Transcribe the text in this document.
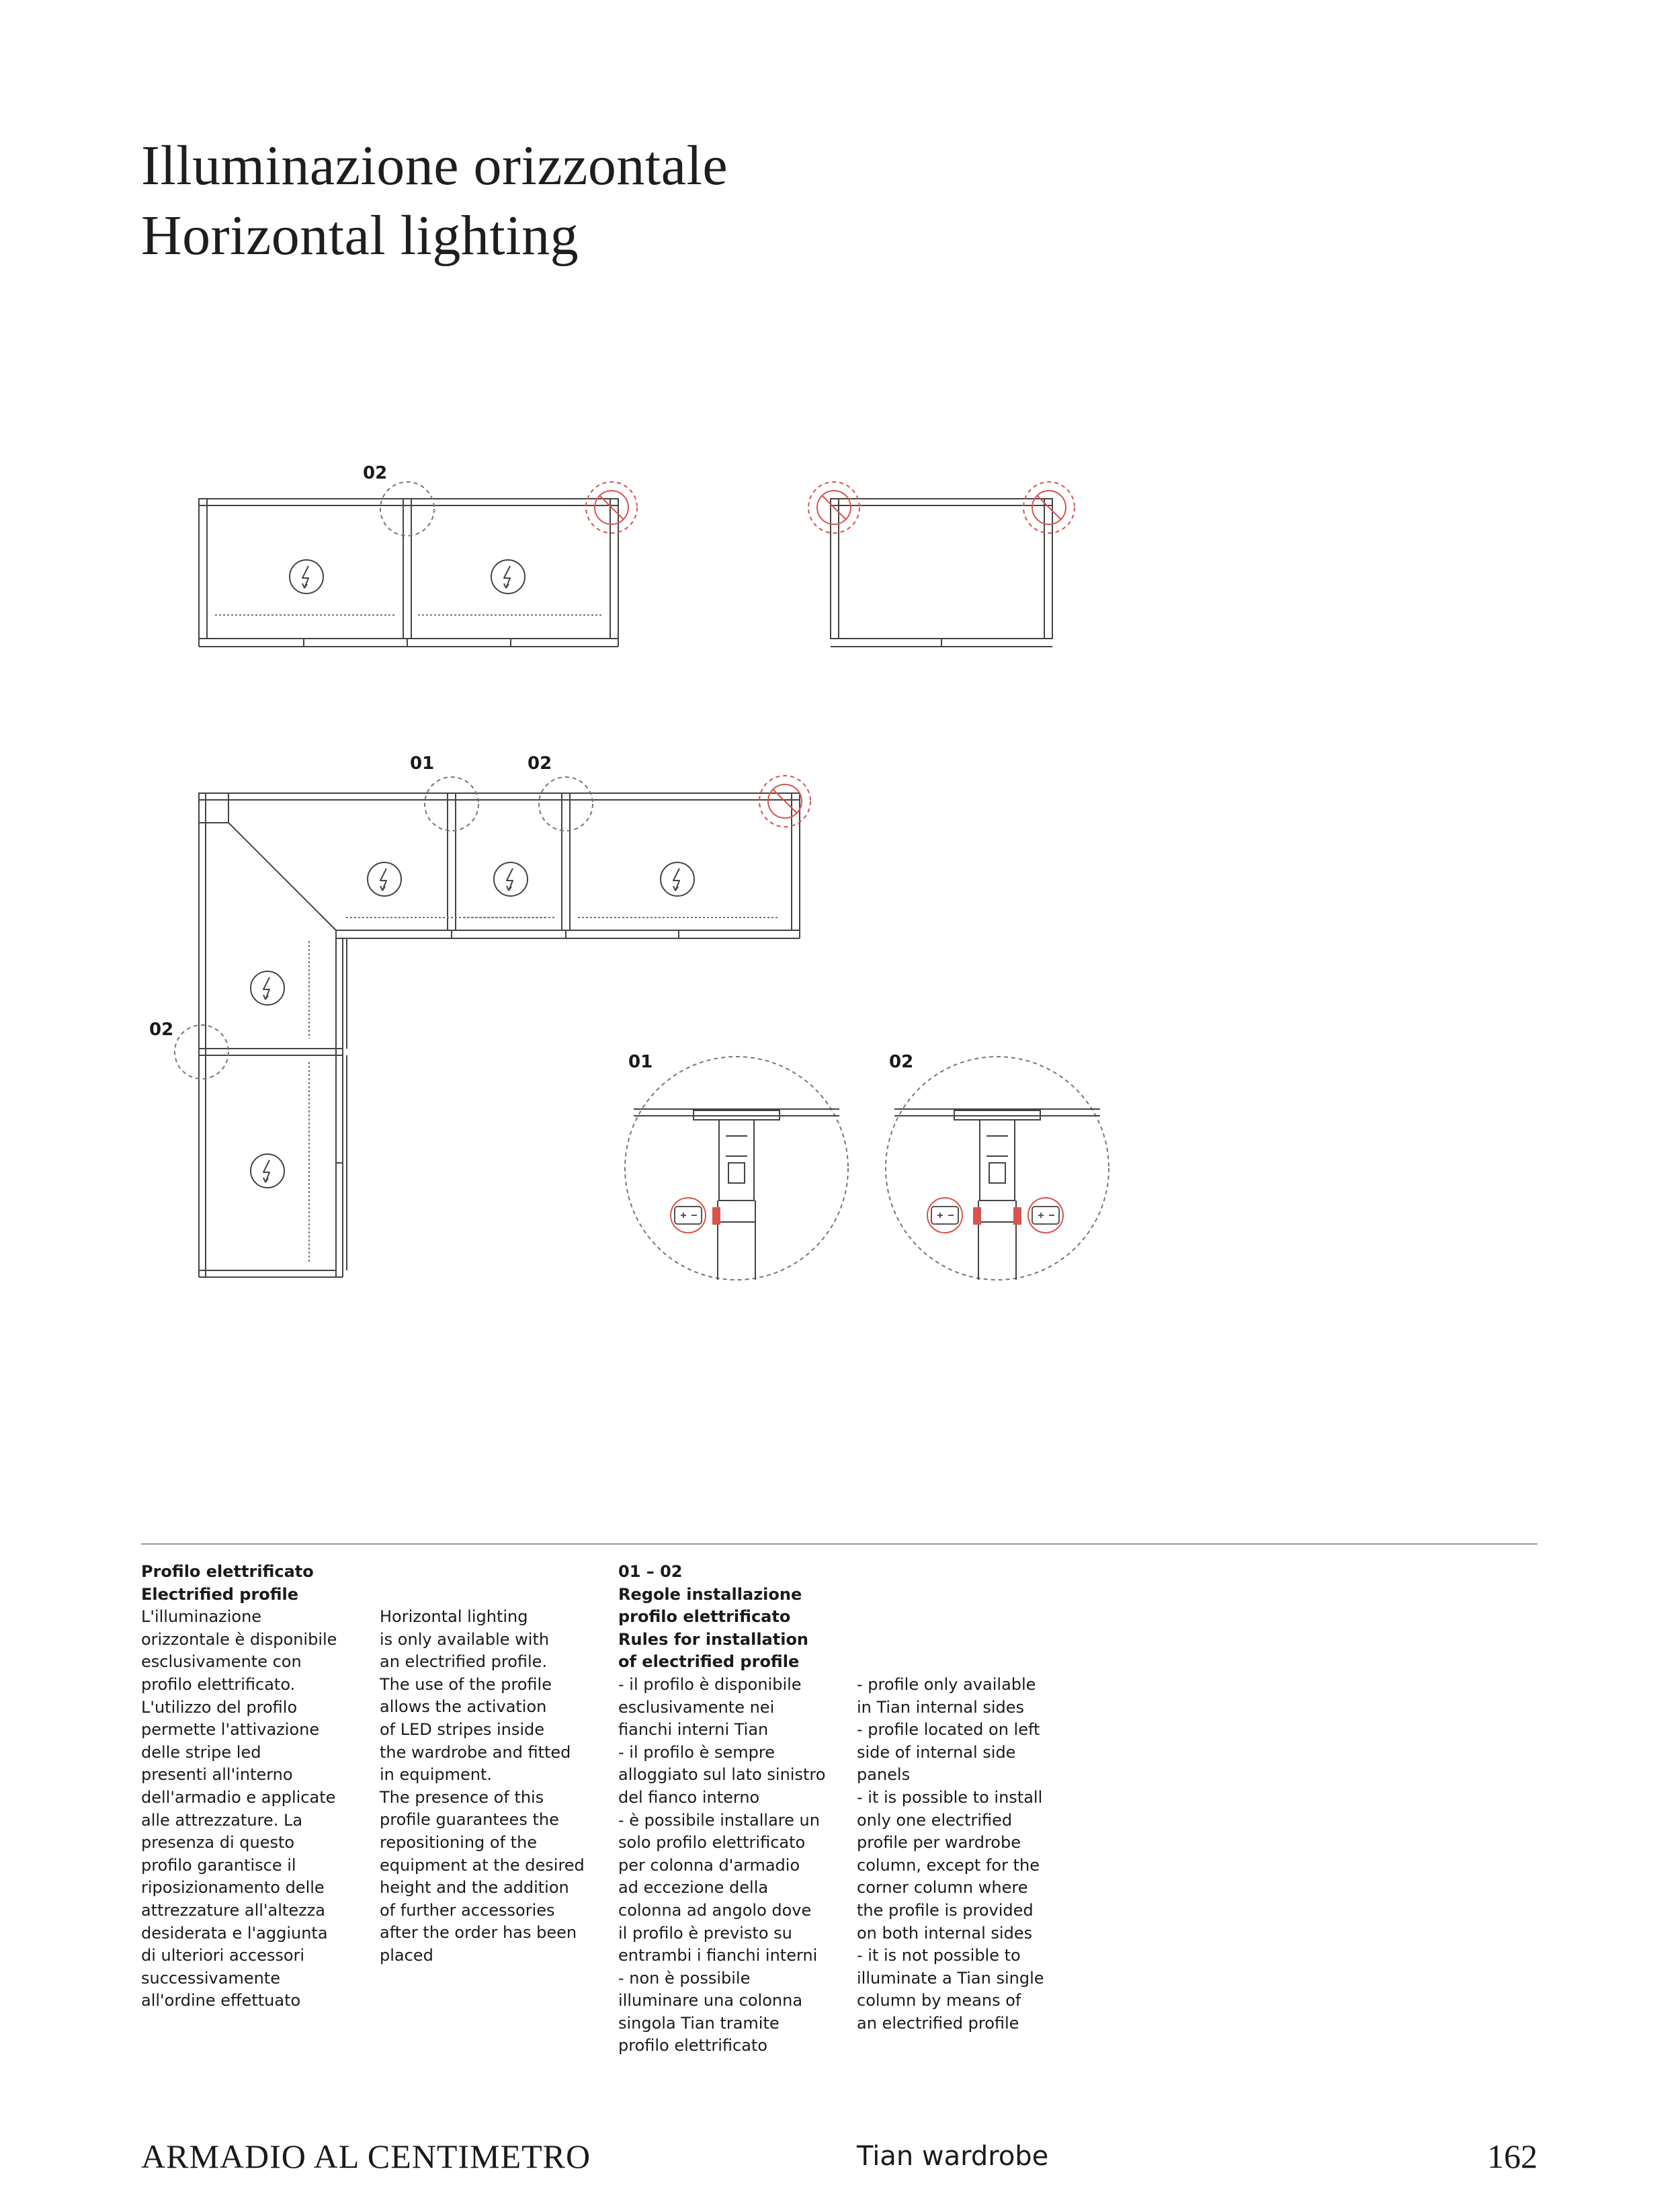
Illuminazione orizzontale
Horizontal lighting
02
01	02
02
01	02
Profilo elettrificato
Electrified profile
L'illuminazione
orizzontale è disponibile
esclusivamente con
profilo elettrificato.
L'utilizzo del profilo
permette l'attivazione
delle stripe led
presenti all'interno
dell'armadio e applicate
alle attrezzature. La
presenza di questo
profilo garantisce il
riposizionamento delle
attrezzature all'altezza
desiderata e l'aggiunta
di ulteriori accessori
successivamente
all'ordine effettuato
Horizontal lighting
is only available with
an electrified profile.
The use of the profile
allows the activation
of LED stripes inside
the wardrobe and fitted
in equipment.
The presence of this
profile guarantees the
repositioning of the
equipment at the desired
height and the addition
of further accessories
after the order has been
placed
01 – 02
Regole installazione
profilo elettrificato
Rules for installation
of electrified profile
- il profilo è disponibile
esclusivamente nei
fianchi interni Tian
- il profilo è sempre
alloggiato sul lato sinistro
del fianco interno
- è possibile installare un
solo profilo elettrificato
per colonna d'armadio
ad eccezione della
colonna ad angolo dove
il profilo è previsto su
entrambi i fianchi interni
- non è possibile
illuminare una colonna
singola Tian tramite
profilo elettrificato
- profile only available
in Tian internal sides
- profile located on left
side of internal side
panels
- it is possible to install
only one electrified
profile per wardrobe
column, except for the
corner column where
the profile is provided
on both internal sides
- it is not possible to
illuminate a Tian single
column by means of
an electrified profile
ARMADIO AL CENTIMETRO	Tian wardrobe	162
